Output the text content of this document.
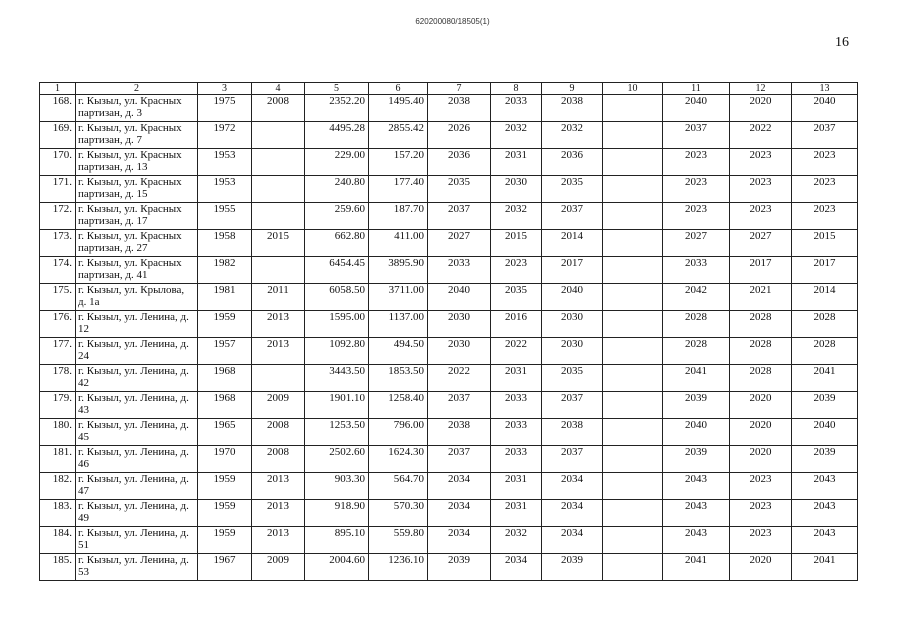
620200080/18505(1)
16
1	2	3	4	5	6	7	8	9	10	11	12	13
168.	г. Кызыл, ул. Красных партизан, д. 3	1975	2008	2352.20	1495.40	2038	2033	2038		2040	2020	2040
169.	г. Кызыл, ул. Красных партизан, д. 7	1972		4495.28	2855.42	2026	2032	2032		2037	2022	2037
170.	г. Кызыл, ул. Красных партизан, д. 13	1953		229.00	157.20	2036	2031	2036		2023	2023	2023
171.	г. Кызыл, ул. Красных партизан, д. 15	1953		240.80	177.40	2035	2030	2035		2023	2023	2023
172.	г. Кызыл, ул. Красных партизан, д. 17	1955		259.60	187.70	2037	2032	2037		2023	2023	2023
173.	г. Кызыл, ул. Красных партизан, д. 27	1958	2015	662.80	411.00	2027	2015	2014		2027	2027	2015
174.	г. Кызыл, ул. Красных партизан, д. 41	1982		6454.45	3895.90	2033	2023	2017		2033	2017	2017
175.	г. Кызыл, ул. Крылова, д. 1а	1981	2011	6058.50	3711.00	2040	2035	2040		2042	2021	2014
176.	г. Кызыл, ул. Ленина, д. 12	1959	2013	1595.00	1137.00	2030	2016	2030		2028	2028	2028
177.	г. Кызыл, ул. Ленина, д. 24	1957	2013	1092.80	494.50	2030	2022	2030		2028	2028	2028
178.	г. Кызыл, ул. Ленина, д. 42	1968		3443.50	1853.50	2022	2031	2035		2041	2028	2041
179.	г. Кызыл, ул. Ленина, д. 43	1968	2009	1901.10	1258.40	2037	2033	2037		2039	2020	2039
180.	г. Кызыл, ул. Ленина, д. 45	1965	2008	1253.50	796.00	2038	2033	2038		2040	2020	2040
181.	г. Кызыл, ул. Ленина, д. 46	1970	2008	2502.60	1624.30	2037	2033	2037		2039	2020	2039
182.	г. Кызыл, ул. Ленина, д. 47	1959	2013	903.30	564.70	2034	2031	2034		2043	2023	2043
183.	г. Кызыл, ул. Ленина, д. 49	1959	2013	918.90	570.30	2034	2031	2034		2043	2023	2043
184.	г. Кызыл, ул. Ленина, д. 51	1959	2013	895.10	559.80	2034	2032	2034		2043	2023	2043
185.	г. Кызыл, ул. Ленина, д. 53	1967	2009	2004.60	1236.10	2039	2034	2039		2041	2020	2041
